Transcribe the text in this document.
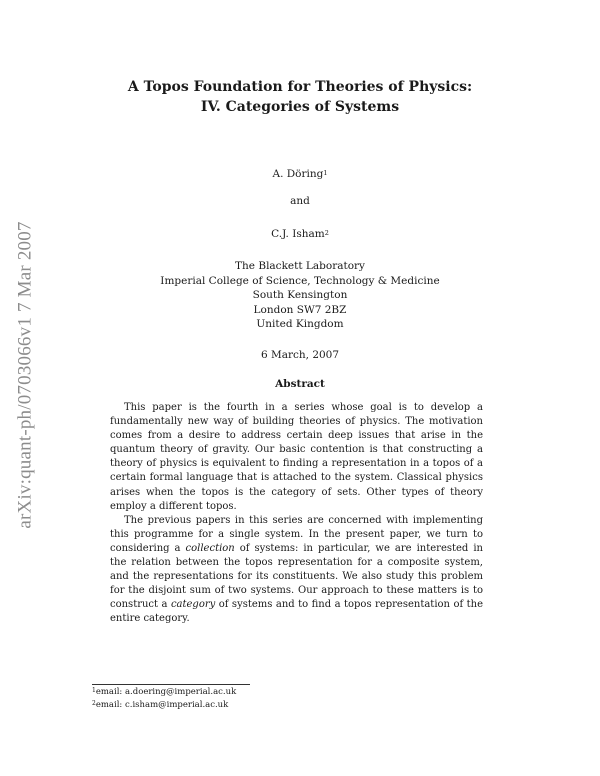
arXiv:quant-ph/0703066v1 7 Mar 2007
A Topos Foundation for Theories of Physics:
IV. Categories of Systems
A. Döring$^1$
and
C.J. Isham$^2$
The Blackett Laboratory
Imperial College of Science, Technology & Medicine
South Kensington
London SW7 2BZ
United Kingdom
6 March, 2007
Abstract

This paper is the fourth in a series whose goal is to develop a fundamentally new way of building theories of physics. The motivation comes from a desire to address certain deep issues that arise in the quantum theory of gravity. Our basic contention is that constructing a theory of physics is equivalent to finding a representation in a topos of a certain formal language that is attached to the system. Classical physics arises when the topos is the category of sets. Other types of theory employ a different topos.

The previous papers in this series are concerned with implementing this programme for a single system. In the present paper, we turn to considering a collection of systems: in particular, we are interested in the relation between the topos representation for a composite system, and the representations for its constituents. We also study this problem for the disjoint sum of two systems. Our approach to these matters is to construct a category of systems and to find a topos representation of the entire category.

$^1$email: a.doering@imperial.ac.uk
$^2$email: c.isham@imperial.ac.uk
